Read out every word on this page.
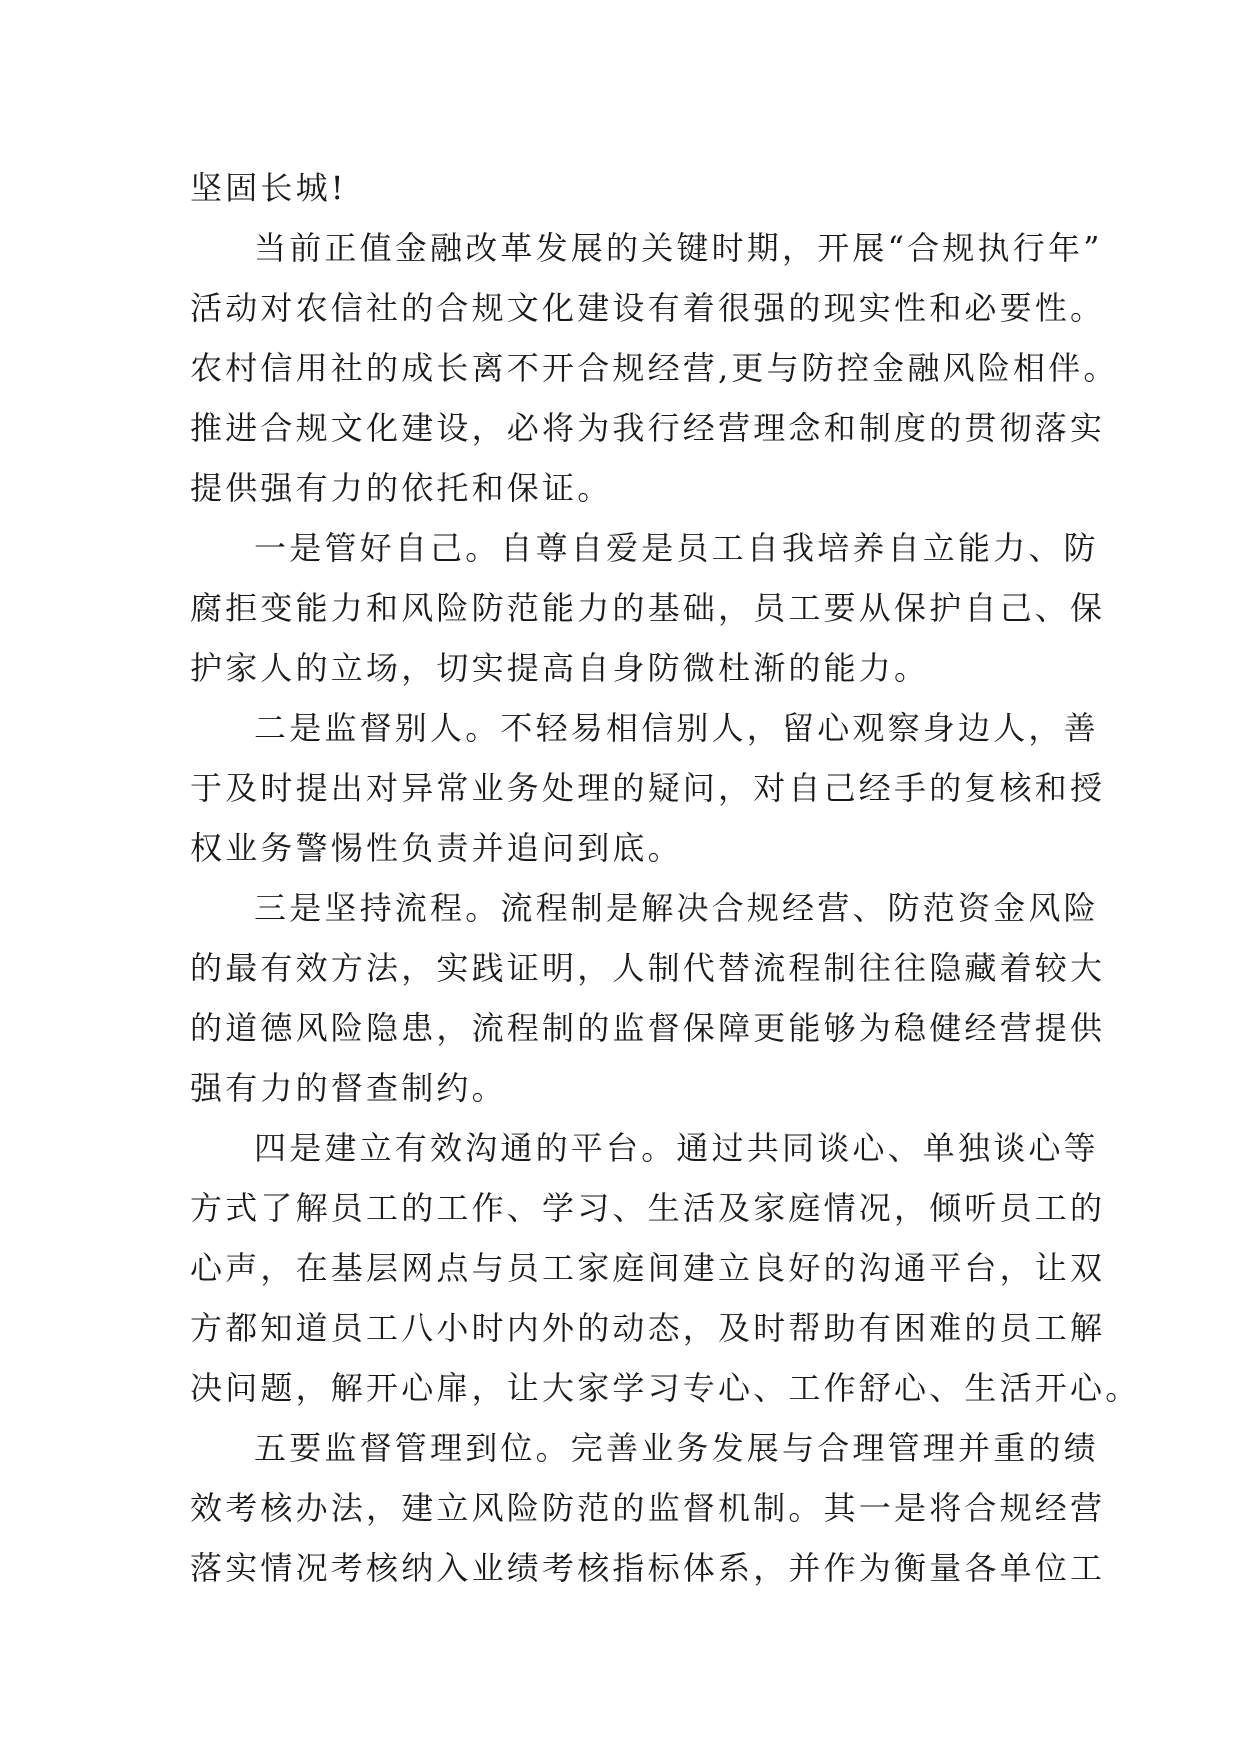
坚固长城!
当前正值金融改革发展的关键时期，开展“合规执行年”
活动对农信社的合规文化建设有着很强的现实性和必要性。
农村信用社的成长离不开合规经营,更与防控金融风险相伴。
推进合规文化建设，必将为我行经营理念和制度的贯彻落实
提供强有力的依托和保证。
一是管好自己。自尊自爱是员工自我培养自立能力、防
腐拒变能力和风险防范能力的基础，员工要从保护自己、保
护家人的立场，切实提高自身防微杜渐的能力。
二是监督别人。不轻易相信别人，留心观察身边人，善
于及时提出对异常业务处理的疑问，对自己经手的复核和授
权业务警惕性负责并追问到底。
三是坚持流程。流程制是解决合规经营、防范资金风险
的最有效方法，实践证明，人制代替流程制往往隐藏着较大
的道德风险隐患，流程制的监督保障更能够为稳健经营提供
强有力的督查制约。
四是建立有效沟通的平台。通过共同谈心、单独谈心等
方式了解员工的工作、学习、生活及家庭情况，倾听员工的
心声，在基层网点与员工家庭间建立良好的沟通平台，让双
方都知道员工八小时内外的动态，及时帮助有困难的员工解
决问题，解开心扉，让大家学习专心、工作舒心、生活开心。
五要监督管理到位。完善业务发展与合理管理并重的绩
效考核办法，建立风险防范的监督机制。其一是将合规经营
落实情况考核纳入业绩考核指标体系，并作为衡量各单位工
